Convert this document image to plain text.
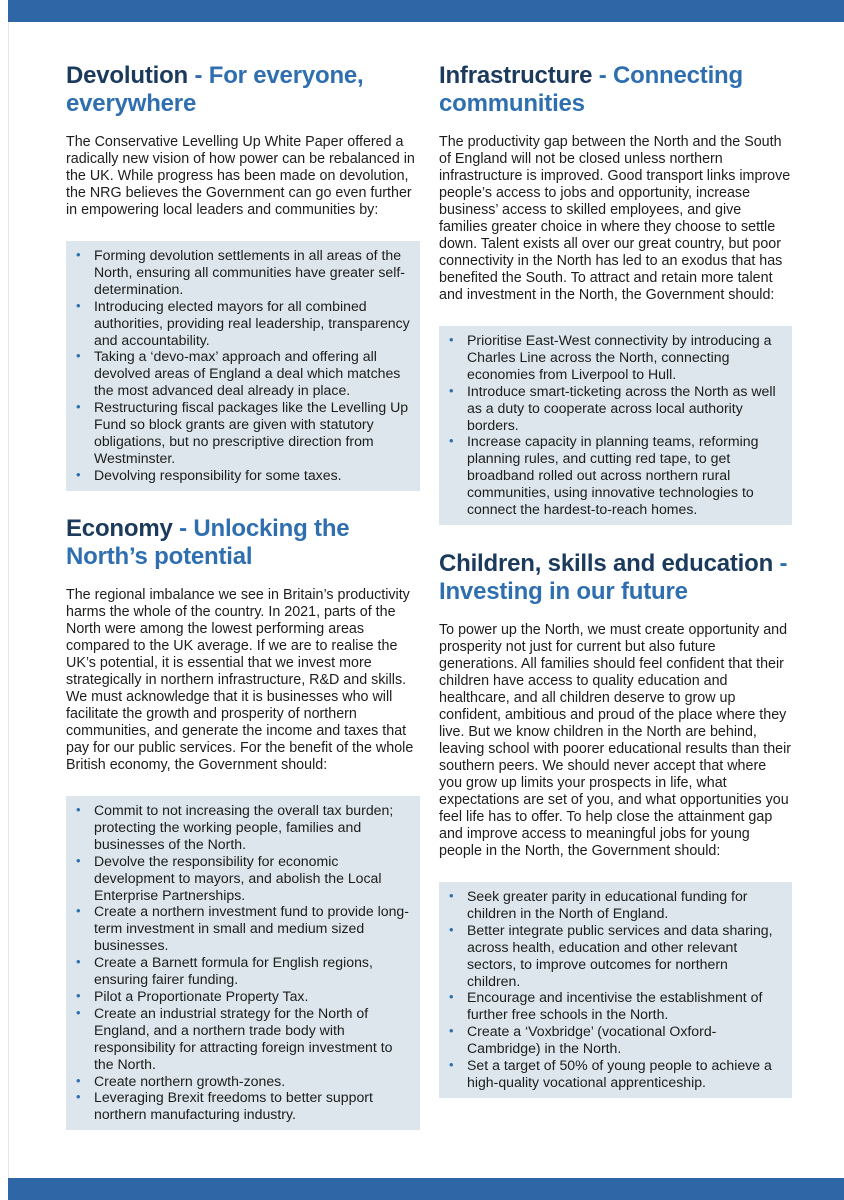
Devolution - For everyone, everywhere

The Conservative Levelling Up White Paper offered a radically new vision of how power can be rebalanced in the UK. While progress has been made on devolution, the NRG believes the Government can go even further in empowering local leaders and communities by:

• Forming devolution settlements in all areas of the North, ensuring all communities have greater self-determination.
• Introducing elected mayors for all combined authorities, providing real leadership, transparency and accountability.
• Taking a ‘devo-max’ approach and offering all devolved areas of England a deal which matches the most advanced deal already in place.
• Restructuring fiscal packages like the Levelling Up Fund so block grants are given with statutory obligations, but no prescriptive direction from Westminster.
• Devolving responsibility for some taxes.
Economy - Unlocking the North’s potential

The regional imbalance we see in Britain’s productivity harms the whole of the country. In 2021, parts of the North were among the lowest performing areas compared to the UK average. If we are to realise the UK’s potential, it is essential that we invest more strategically in northern infrastructure, R&D and skills. We must acknowledge that it is businesses who will facilitate the growth and prosperity of northern communities, and generate the income and taxes that pay for our public services. For the benefit of the whole British economy, the Government should:

• Commit to not increasing the overall tax burden; protecting the working people, families and businesses of the North.
• Devolve the responsibility for economic development to mayors, and abolish the Local Enterprise Partnerships.
• Create a northern investment fund to provide long-term investment in small and medium sized businesses.
• Create a Barnett formula for English regions, ensuring fairer funding.
• Pilot a Proportionate Property Tax.
• Create an industrial strategy for the North of England, and a northern trade body with responsibility for attracting foreign investment to the North.
• Create northern growth-zones.
• Leveraging Brexit freedoms to better support northern manufacturing industry.
Infrastructure - Connecting communities

The productivity gap between the North and the South of England will not be closed unless northern infrastructure is improved. Good transport links improve people’s access to jobs and opportunity, increase business’ access to skilled employees, and give families greater choice in where they choose to settle down. Talent exists all over our great country, but poor connectivity in the North has led to an exodus that has benefited the South. To attract and retain more talent and investment in the North, the Government should:

• Prioritise East-West connectivity by introducing a Charles Line across the North, connecting economies from Liverpool to Hull.
• Introduce smart-ticketing across the North as well as a duty to cooperate across local authority borders.
• Increase capacity in planning teams, reforming planning rules, and cutting red tape, to get broadband rolled out across northern rural communities, using innovative technologies to connect the hardest-to-reach homes.
Children, skills and education - Investing in our future

To power up the North, we must create opportunity and prosperity not just for current but also future generations. All families should feel confident that their children have access to quality education and healthcare, and all children deserve to grow up confident, ambitious and proud of the place where they live. But we know children in the North are behind, leaving school with poorer educational results than their southern peers. We should never accept that where you grow up limits your prospects in life, what expectations are set of you, and what opportunities you feel life has to offer. To help close the attainment gap and improve access to meaningful jobs for young people in the North, the Government should:

• Seek greater parity in educational funding for children in the North of England.
• Better integrate public services and data sharing, across health, education and other relevant sectors, to improve outcomes for northern children.
• Encourage and incentivise the establishment of further free schools in the North.
• Create a ‘Voxbridge’ (vocational Oxford-Cambridge) in the North.
• Set a target of 50% of young people to achieve a high-quality vocational apprenticeship.
